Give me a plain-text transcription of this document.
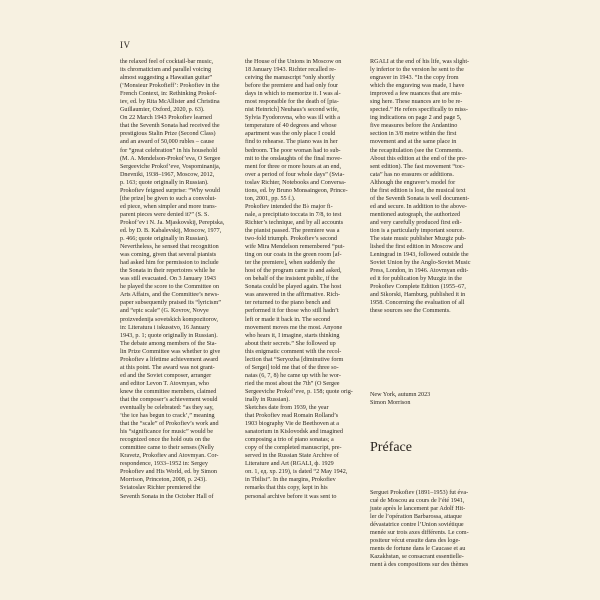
IV

the relaxed feel of cocktail-bar music,

its chromaticism and parallel voicing

almost suggesting a Hawaiian guitar”

(‘Monsieur Prokofieff’: Prokofiev in the

French Context, in: Rethinking Prokof-

iev, ed. by Rita McAllister and Christina

Guillaumier, Oxford, 2020, p. 63).

On 22 March 1943 Prokofiev learned

that the Seventh Sonata had received the

prestigious Stalin Prize (Second Class)

and an award of 50,000 rubles – cause

for “great celebration” in his household

(M. A. Mendelson-Prokof’eva, O Sergee

Sergeeviche Prokof’eve, Vospominanija,

Dnevniki, 1938–1967, Moscow, 2012,

p. 163; quote originally in Russian).

Prokofiev feigned surprise: “Why would

[the prize] be given to such a convolut-

ed piece, when simpler and more trans-

parent pieces were denied it?” (S. S.

Prokof’ev i N. Ja. Mjaskovskij, Perepiska,

ed. by D. B. Kabalevskij, Moscow, 1977,

p. 466; quote originally in Russian).

Nevertheless, he sensed that recognition

was coming, given that several pianists

had asked him for permission to include

the Sonata in their repertoires while he

was still evacuated. On 3 January 1943

he played the score to the Committee on

Arts Affairs, and the Committee’s news-

paper subsequently praised its “lyricism”

and “epic scale” (G. Kovrov, Novye

proizvedenija sovetskich kompozitorov,

in: Literatura i iskusstvo, 16 January

1943, p. 1; quote originally in Russian).

The debate among members of the Sta-

lin Prize Committee was whether to give

Prokofiev a lifetime achievement award

at this point. The award was not grant-

ed and the Soviet composer, arranger

and editor Levon T. Atovmyan, who

knew the committee members, claimed

that the composer’s achievement would

eventually be celebrated: “as they say,

‘the ice has begun to crack’,” meaning

that the “scale” of Prokofiev’s work and

his “significance for music” would be

recognized once the hold outs on the

committee came to their senses (Nelly

Kravetz, Prokofiev and Atovmyan. Cor-

respondence, 1933–1952 in: Sergey

Prokofiev and His World, ed. by Simon

Morrison, Princeton, 2008, p. 243).

Sviatoslav Richter premiered the

Seventh Sonata in the October Hall of

the House of the Unions in Moscow on

18 January 1943. Richter recalled re-

ceiving the manuscript “only shortly

before the premiere and had only four

days in which to memorize it. I was al-

most responsible for the death of [pia-

nist Heinrich] Neuhaus’s second wife,

Sylvia Fyodorovna, who was ill with a

temperature of 40 degrees and whose

apartment was the only place I could

find to rehearse. The piano was in her

bedroom. The poor woman had to sub-

mit to the onslaughts of the final move-

ment for three or more hours at an end,

over a period of four whole days” (Svia-

toslav Richter, Notebooks and Conversa-

tions, ed. by Bruno Monsaingeon, Prince-

ton, 2001, pp. 55 f.).

Prokofiev intended the B♭ major fi-

nale, a precipitato toccata in 7/8, to test

Richter’s technique, and by all accounts

the pianist passed. The premiere was a

two-fold triumph. Prokofiev’s second

wife Mira Mendelson remembered “put-

ting on our coats in the green room [af-

ter the premiere], when suddenly the

host of the program came in and asked,

on behalf of the insistent public, if the

Sonata could be played again. The host

was answered in the affirmative. Rich-

ter returned to the piano bench and

performed it for those who still hadn’t

left or made it back in. The second

movement moves me the most. Anyone

who hears it, I imagine, starts thinking

about their secrets.” She followed up

this enigmatic comment with the recol-

lection that “Seryozha [diminutive form

of Sergei] told me that of the three so-

natas (6, 7, 8) he came up with he wor-

ried the most about the 7th” (O Sergee

Sergeeviche Prokof’eve, p. 158; quote orig-

inally in Russian).

Sketches date from 1939, the year

that Prokofiev read Romain Rolland’s

1903 biography Vie de Beethoven at a

sanatorium in Kislovodsk and imagined

composing a trio of piano sonatas; a

copy of the completed manuscript, pre-

served in the Russian State Archive of

Literature and Art (RGALI, ф. 1929

оп. 1, ед. хр. 219), is dated “2 May 1942,

in Tbilisi”. In the margins, Prokofiev

remarks that this copy, kept in his

personal archive before it was sent to

RGALI at the end of his life, was slight-

ly inferior to the version he sent to the

engraver in 1943. “In the copy from

which the engraving was made, I have

improved a few nuances that are mis-

sing here. These nuances are to be re-

spected.” He refers specifically to miss-

ing indications on page 2 and page 5,

five measures before the Andantino

section in 3/8 metre within the first

movement and at the same place in

the recapitulation (see the Comments.

About this edition at the end of the pre-

sent edition). The fast movement “toc-

cata” has no erasures or additions.

Although the engraver’s model for

the first edition is lost, the musical text

of the Seventh Sonata is well document-

ed and secure. In addition to the above-

mentioned autograph, the authorized

and very carefully produced first edi-

tion is a particularly important source.

The state music publisher Muzgiz pub-

lished the first edition in Moscow and

Leningrad in 1943, followed outside the

Soviet Union by the Anglo-Soviet Music

Press, London, in 1946. Atovmyan edit-

ed it for publication by Muzgiz in the

Prokofiev Complete Edition (1955–67,

and Sikorski, Hamburg, published it in

1958. Concerning the evaluation of all

these sources see the Comments.

New York, autumn 2023
Simon Morrison
Préface
Serguei Prokofiev (1891–1953) fut éva-
cué de Moscou au cours de l’été 1941,
juste après le lancement par Adolf Hit-
ler de l’opération Barbarossa, attaque
dévastatrice contre l’Union soviétique
menée sur trois axes différents. Le com-
positeur vécut ensuite dans des loge-
ments de fortune dans le Caucase et au
Kazakhstan, se consacrant essentielle-
ment à des compositions sur des thèmes
